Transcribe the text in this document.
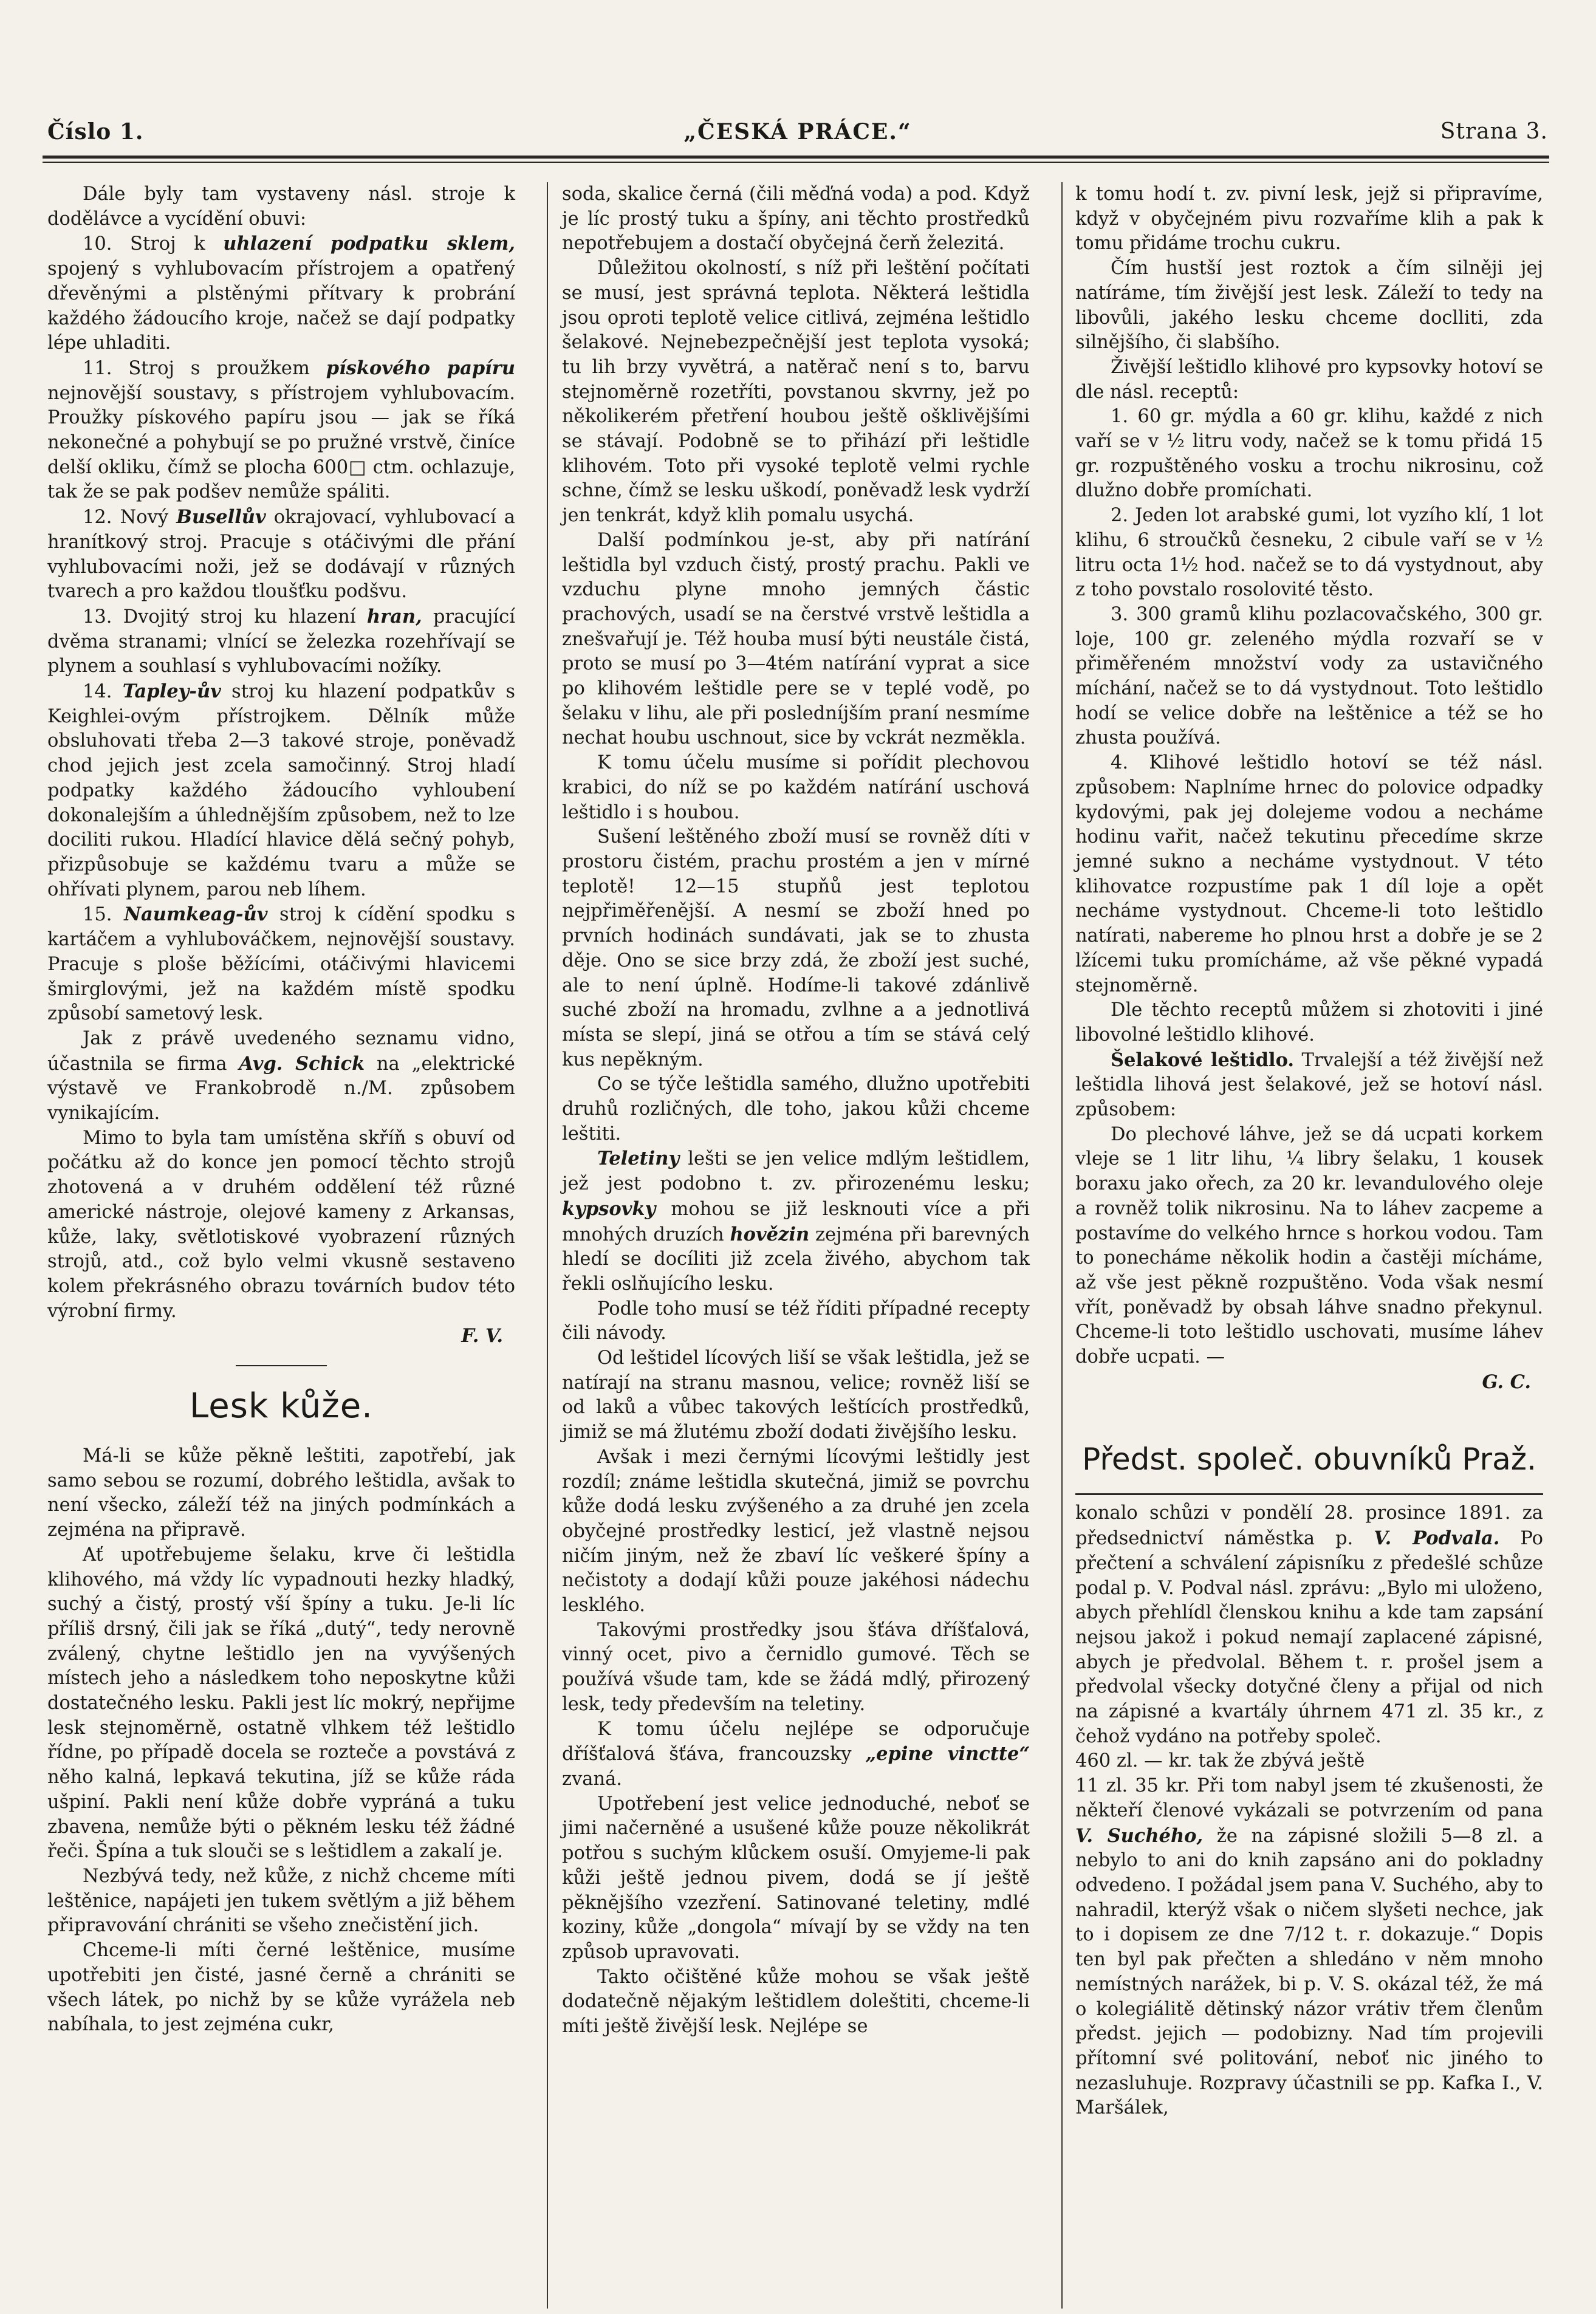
Číslo 1.	„ČESKÁ PRÁCE.“	Strana 3.

Dále byly tam vystaveny násl. stroje k dodělávce a vycídění obuvi:

10. Stroj k uhlazení podpatku sklem, spojený s vyhlubovacím přístrojem a opatřený dřevěnými a plstěnými přítvary k probrání každého žádoucího kroje, načež se dají podpatky lépe uhladiti.

11. Stroj s proužkem pískového papíru nejnovější soustavy, s přístrojem vyhlubovacím. Proužky pískového papíru jsou — jak se říká nekonečné a pohybují se po pružné vrstvě, činíce delší okliku, čímž se plocha 600□ ctm. ochlazuje, tak že se pak podšev nemůže spáliti.

12. Nový Busellův okrajovací, vyhlubovací a hranítkový stroj. Pracuje s otáčivými dle přání vyhlubovacími noži, jež se dodávají v různých tvarech a pro každou tloušťku podšvu.

13. Dvojitý stroj ku hlazení hran, pracující dvěma stranami; vlnící se železka rozehřívají se plynem a souhlasí s vyhlubovacími nožíky.

14. Tapley-ův stroj ku hlazení podpatkův s Keighlei-ovým přístrojkem. Dělník může obsluhovati třeba 2—3 takové stroje, poněvadž chod jejich jest zcela samočinný. Stroj hladí podpatky každého žádoucího vyhloubení dokonalejším a úhlednějším způsobem, než to lze dociliti rukou. Hladící hlavice dělá sečný pohyb, přizpůsobuje se každému tvaru a může se ohřívati plynem, parou neb líhem.

15. Naumkeag-ův stroj k cídění spodku s kartáčem a vyhlubováčkem, nejnovější soustavy. Pracuje s ploše běžícími, otáčivými hlavicemi šmirglovými, jež na každém místě spodku způsobí sametový lesk.

Jak z právě uvedeného seznamu vidno, účastnila se firma Avg. Schick na „elektrické výstavě ve Frankobrodě n./M. způsobem vynikajícím.

Mimo to byla tam umístěna skříň s obuví od počátku až do konce jen pomocí těchto strojů zhotovená a v druhém oddělení též různé americké nástroje, olejové kameny z Arkansas, kůže, laky, světlotiskové vyobrazení různých strojů, atd., což bylo velmi vkusně sestaveno kolem překrásného obrazu továrních budov této výrobní firmy.

F. V.

Lesk kůže.

Má-li se kůže pěkně leštiti, zapotřebí, jak samo sebou se rozumí, dobrého leštidla, avšak to není všecko, záleží též na jiných podmínkách a zejména na připravě.

Ať upotřebujeme šelaku, krve či leštidla klihového, má vždy líc vypadnouti hezky hladký, suchý a čistý, prostý vší špíny a tuku. Je-li líc příliš drsný, čili jak se říká „dutý“, tedy nerovně zválený, chytne leštidlo jen na vyvýšených místech jeho a následkem toho neposkytne kůži dostatečného lesku. Pakli jest líc mokrý, nepřijme lesk stejnoměrně, ostatně vlhkem též leštidlo řídne, po případě docela se rozteče a povstává z něho kalná, lepkavá tekutina, jíž se kůže ráda ušpiní. Pakli není kůže dobře vypráná a tuku zbavena, nemůže býti o pěkném lesku též žádné řeči. Špína a tuk slouči se s leštidlem a zakalí je.

Nezbývá tedy, než kůže, z nichž chceme míti leštěnice, napájeti jen tukem světlým a již během připravování chrániti se všeho znečistění jich.

Chceme-li míti černé leštěnice, musíme upotřebiti jen čisté, jasné černě a chrániti se všech látek, po nichž by se kůže vyrážela neb nabíhala, to jest zejména cukr,

soda, skalice černá (čili měďná voda) a pod. Když je líc prostý tuku a špíny, ani těchto prostředků nepotřebujem a dostačí obyčejná čerň železitá.

Důležitou okolností, s níž při leštění počítati se musí, jest správná teplota. Některá leštidla jsou oproti teplotě velice citlivá, zejména leštidlo šelakové. Nejnebezpečnější jest teplota vysoká; tu lih brzy vyvětrá, a natěrač není s to, barvu stejnoměrně rozetříti, povstanou skvrny, jež po několikerém přetření houbou ještě ošklivějšími se stávají. Podobně se to přihází při leštidle klihovém. Toto při vysoké teplotě velmi rychle schne, čímž se lesku uškodí, poněvadž lesk vydrží jen tenkrát, když klih pomalu usychá.

Další podmínkou je-st, aby při natírání leštidla byl vzduch čistý, prostý prachu. Pakli ve vzduchu plyne mnoho jemných částic prachových, usadí se na čerstvé vrstvě leštidla a znešvařují je. Též houba musí býti neustále čistá, proto se musí po 3—4tém natírání vyprat a sice po klihovém leštidle pere se v teplé vodě, po šelaku v lihu, ale při posledníjším praní nesmíme nechat houbu uschnout, sice by vckrát nezměkla.

K tomu účelu musíme si pořídit plechovou krabici, do níž se po každém natírání uschová leštidlo i s houbou.

Sušení leštěného zboží musí se rovněž díti v prostoru čistém, prachu prostém a jen v mírné teplotě! 12—15 stupňů jest teplotou nejpřiměřenější. A nesmí se zboží hned po prvních hodinách sundávati, jak se to zhusta děje. Ono se sice brzy zdá, že zboží jest suché, ale to není úplně. Hodíme-li takové zdánlivě suché zboží na hromadu, zvlhne a a jednotlivá místa se slepí, jiná se otřou a tím se stává celý kus nepěkným.

Co se týče leštidla samého, dlužno upotřebiti druhů rozličných, dle toho, jakou kůži chceme leštiti.

Teletiny lešti se jen velice mdlým leštidlem, jež jest podobno t. zv. přirozenému lesku; kypsovky mohou se již lesknouti více a při mnohých druzích hovězin zejména při barevných hledí se docíliti již zcela živého, abychom tak řekli oslňujícího lesku.

Podle toho musí se též říditi případné recepty čili návody.

Od leštidel lícových liší se však leštidla, jež se natírají na stranu masnou, velice; rovněž liší se od laků a vůbec takových leštících prostředků, jimiž se má žlutému zboží dodati živějšího lesku.

Avšak i mezi černými lícovými leštidly jest rozdíl; známe leštidla skutečná, jimiž se povrchu kůže dodá lesku zvýšeného a za druhé jen zcela obyčejné prostředky lesticí, jež vlastně nejsou ničím jiným, než že zbaví líc veškeré špíny a nečistoty a dodají kůži pouze jakéhosi nádechu lesklého.

Takovými prostředky jsou šťáva dříšťalová, vinný ocet, pivo a černidlo gumové. Těch se používá všude tam, kde se žádá mdlý, přirozený lesk, tedy především na teletiny.

K tomu účelu nejlépe se odporučuje dříšťalová šťáva, francouzsky „epine vinctte“ zvaná.

Upotřebení jest velice jednoduché, neboť se jimi načerněné a usušené kůže pouze několikrát potřou s suchým klůckem osuší. Omyjeme-li pak kůži ještě jednou pivem, dodá se jí ještě pěknějšího vzezření. Satinované teletiny, mdlé koziny, kůže „dongola“ mívají by se vždy na ten způsob upravovati.

Takto očištěné kůže mohou se však ještě dodatečně nějakým leštidlem doleštiti, chceme-li míti ještě živější lesk. Nejlépe se

k tomu hodí t. zv. pivní lesk, jejž si připravíme, když v obyčejném pivu rozvaříme klih a pak k tomu přidáme trochu cukru.

Čím hustší jest roztok a čím silněji jej natíráme, tím živější jest lesk. Záleží to tedy na libovůli, jakého lesku chceme doclliti, zda silnějšího, či slabšího.

Živější leštidlo klihové pro kypsovky hotoví se dle násl. receptů:

1. 60 gr. mýdla a 60 gr. klihu, každé z nich vaří se v ½ litru vody, načež se k tomu přidá 15 gr. rozpuštěného vosku a trochu nikrosinu, což dlužno dobře promíchati.

2. Jeden lot arabské gumi, lot vyzího klí, 1 lot klihu, 6 stroučků česneku, 2 cibule vaří se v ½ litru octa 1½ hod. načež se to dá vystydnout, aby z toho povstalo rosolovité těsto.

3. 300 gramů klihu pozlacovačského, 300 gr. loje, 100 gr. zeleného mýdla rozvaří se v přiměřeném množství vody za ustavičného míchání, načež se to dá vystydnout. Toto leštidlo hodí se velice dobře na leštěnice a též se ho zhusta používá.

4. Klihové leštidlo hotoví se též násl. způsobem: Naplníme hrnec do polovice odpadky kydovými, pak jej dolejeme vodou a necháme hodinu vařit, načež tekutinu přecedíme skrze jemné sukno a necháme vystydnout. V této klihovatce rozpustíme pak 1 díl loje a opět necháme vystydnout. Chceme-li toto leštidlo natírati, nabereme ho plnou hrst a dobře je se 2 lžícemi tuku promícháme, až vše pěkné vypadá stejnoměrně.

Dle těchto receptů můžem si zhotoviti i jiné libovolné leštidlo klihové.

Šelakové leštidlo. Trvalejší a též živější než leštidla lihová jest šelakové, jež se hotoví násl. způsobem:

Do plechové láhve, jež se dá ucpati korkem vleje se 1 litr lihu, ¼ libry šelaku, 1 kousek boraxu jako ořech, za 20 kr. levandulového oleje a rovněž tolik nikrosinu. Na to láhev zacpeme a postavíme do velkého hrnce s horkou vodou. Tam to ponecháme několik hodin a častěji mícháme, až vše jest pěkně rozpuštěno. Voda však nesmí vřít, poněvadž by obsah láhve snadno překynul. Chceme-li toto leštidlo uschovati, musíme láhev dobře ucpati. —

G. C.

Předst. společ. obuvníků Praž.

konalo schůzi v pondělí 28. prosince 1891. za předsednictví náměstka p. V. Podvala. Po přečtení a schválení zápisníku z předešlé schůze podal p. V. Podval násl. zprávu: „Bylo mi uloženo, abych přehlídl členskou knihu a kde tam zapsání nejsou jakož i pokud nemají zaplacené zápisné, abych je předvolal. Během t. r. prošel jsem a předvolal všecky dotyčné členy a přijal od nich na zápisné a kvartály úhrnem 471 zl. 35 kr., z čehož vydáno na potřeby společ.

460 zl. — kr. tak že zbývá ještě

11 zl. 35 kr. Při tom nabyl jsem té zkušenosti, že někteří členové vykázali se potvrzením od pana V. Suchého, že na zápisné složili 5—8 zl. a nebylo to ani do knih zapsáno ani do pokladny odvedeno. I požádal jsem pana V. Suchého, aby to nahradil, kterýž však o ničem slyšeti nechce, jak to i dopisem ze dne 7/12 t. r. dokazuje.“ Dopis ten byl pak přečten a shledáno v něm mnoho nemístných narážek, bi p. V. S. okázal též, že má o kolegiálitě dětinský názor vrátiv třem členům předst. jejich — podobizny. Nad tím projevili přítomní své politování, neboť nic jiného to nezasluhuje. Rozpravy účastnili se pp. Kafka I., V. Maršálek,
